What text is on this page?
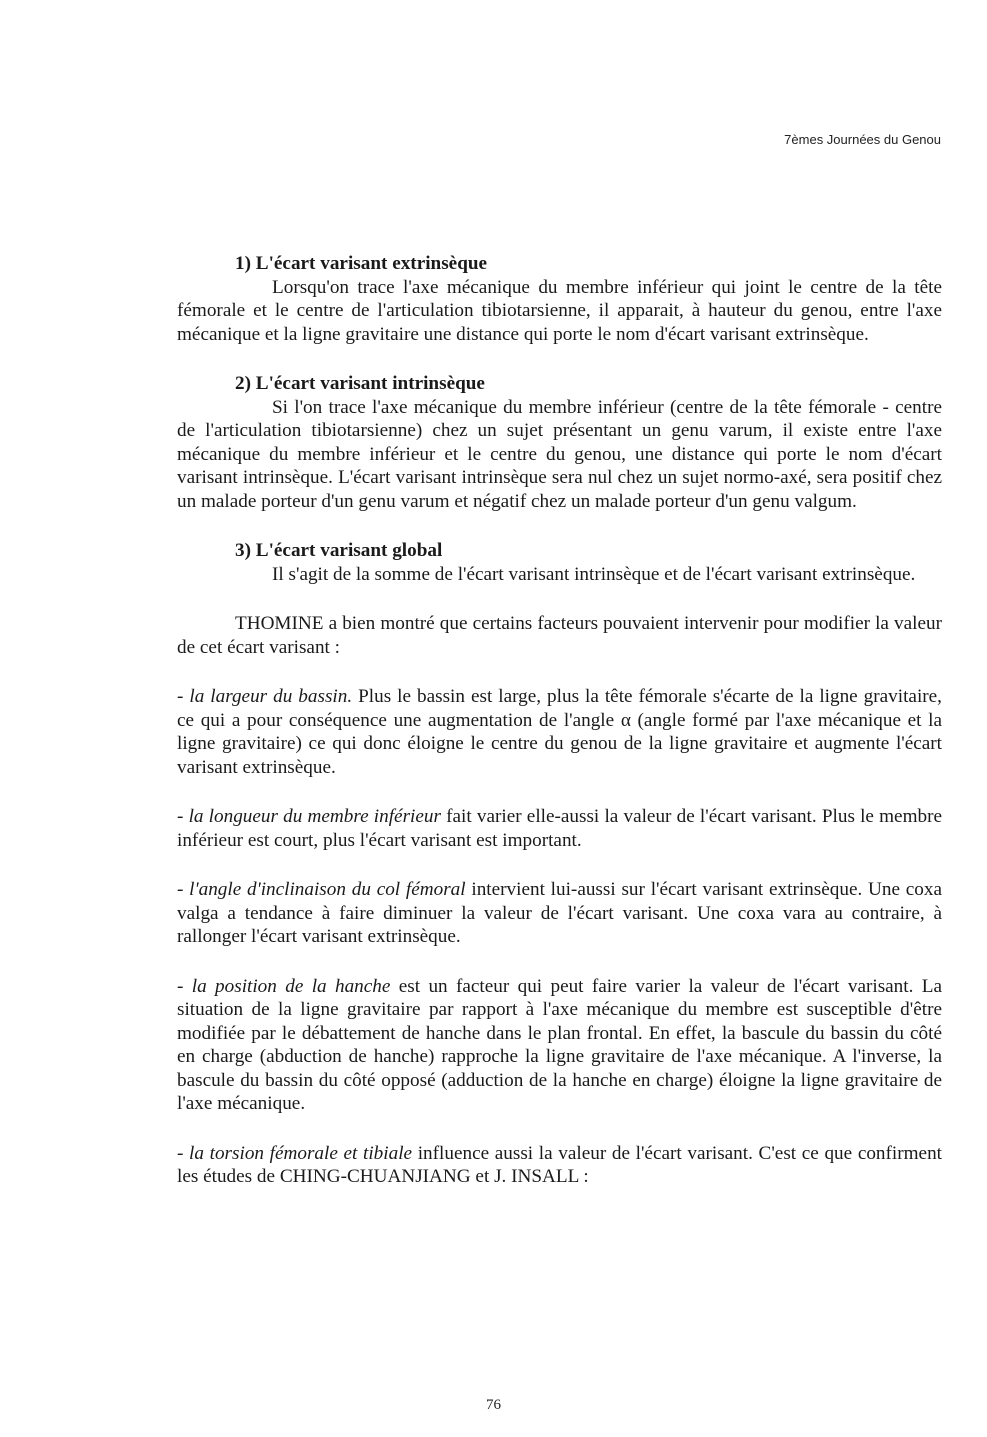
7èmes Journées du Genou
1) L'écart varisant extrinsèque

Lorsqu'on trace l'axe mécanique du membre inférieur qui joint le centre de la tête fémorale et le centre de l'articulation tibiotarsienne, il apparait, à hauteur du genou, entre l'axe mécanique et la ligne gravitaire une distance qui porte le nom d'écart varisant extrinsèque.

2) L'écart varisant intrinsèque

Si l'on trace l'axe mécanique du membre inférieur (centre de la tête fémorale - centre de l'articulation tibiotarsienne) chez un sujet présentant un genu varum, il existe entre l'axe mécanique du membre inférieur et le centre du genou, une distance qui porte le nom d'écart varisant intrinsèque. L'écart varisant intrinsèque sera nul chez un sujet normo-axé, sera positif chez un malade porteur d'un genu varum et négatif chez un malade porteur d'un genu valgum.

3) L'écart varisant global

Il s'agit de la somme de l'écart varisant intrinsèque et de l'écart varisant extrinsèque.

THOMINE a bien montré que certains facteurs pouvaient intervenir pour modifier la valeur de cet écart varisant :

- la largeur du bassin. Plus le bassin est large, plus la tête fémorale s'écarte de la ligne gravitaire, ce qui a pour conséquence une augmentation de l'angle α (angle formé par l'axe mécanique et la ligne gravitaire) ce qui donc éloigne le centre du genou de la ligne gravitaire et augmente l'écart varisant extrinsèque.

- la longueur du membre inférieur fait varier elle-aussi la valeur de l'écart varisant. Plus le membre inférieur est court, plus l'écart varisant est important.

- l'angle d'inclinaison du col fémoral intervient lui-aussi sur l'écart varisant extrinsèque. Une coxa valga a tendance à faire diminuer la valeur de l'écart varisant. Une coxa vara au contraire, à rallonger l'écart varisant extrinsèque.

- la position de la hanche est un facteur qui peut faire varier la valeur de l'écart varisant. La situation de la ligne gravitaire par rapport à l'axe mécanique du membre est susceptible d'être modifiée par le débattement de hanche dans le plan frontal. En effet, la bascule du bassin du côté en charge (abduction de hanche) rapproche la ligne gravitaire de l'axe mécanique. A l'inverse, la bascule du bassin du côté opposé (adduction de la hanche en charge) éloigne la ligne gravitaire de l'axe mécanique.

- la torsion fémorale et tibiale influence aussi la valeur de l'écart varisant. C'est ce que confirment les études de CHING-CHUANJIANG et J. INSALL :

76
